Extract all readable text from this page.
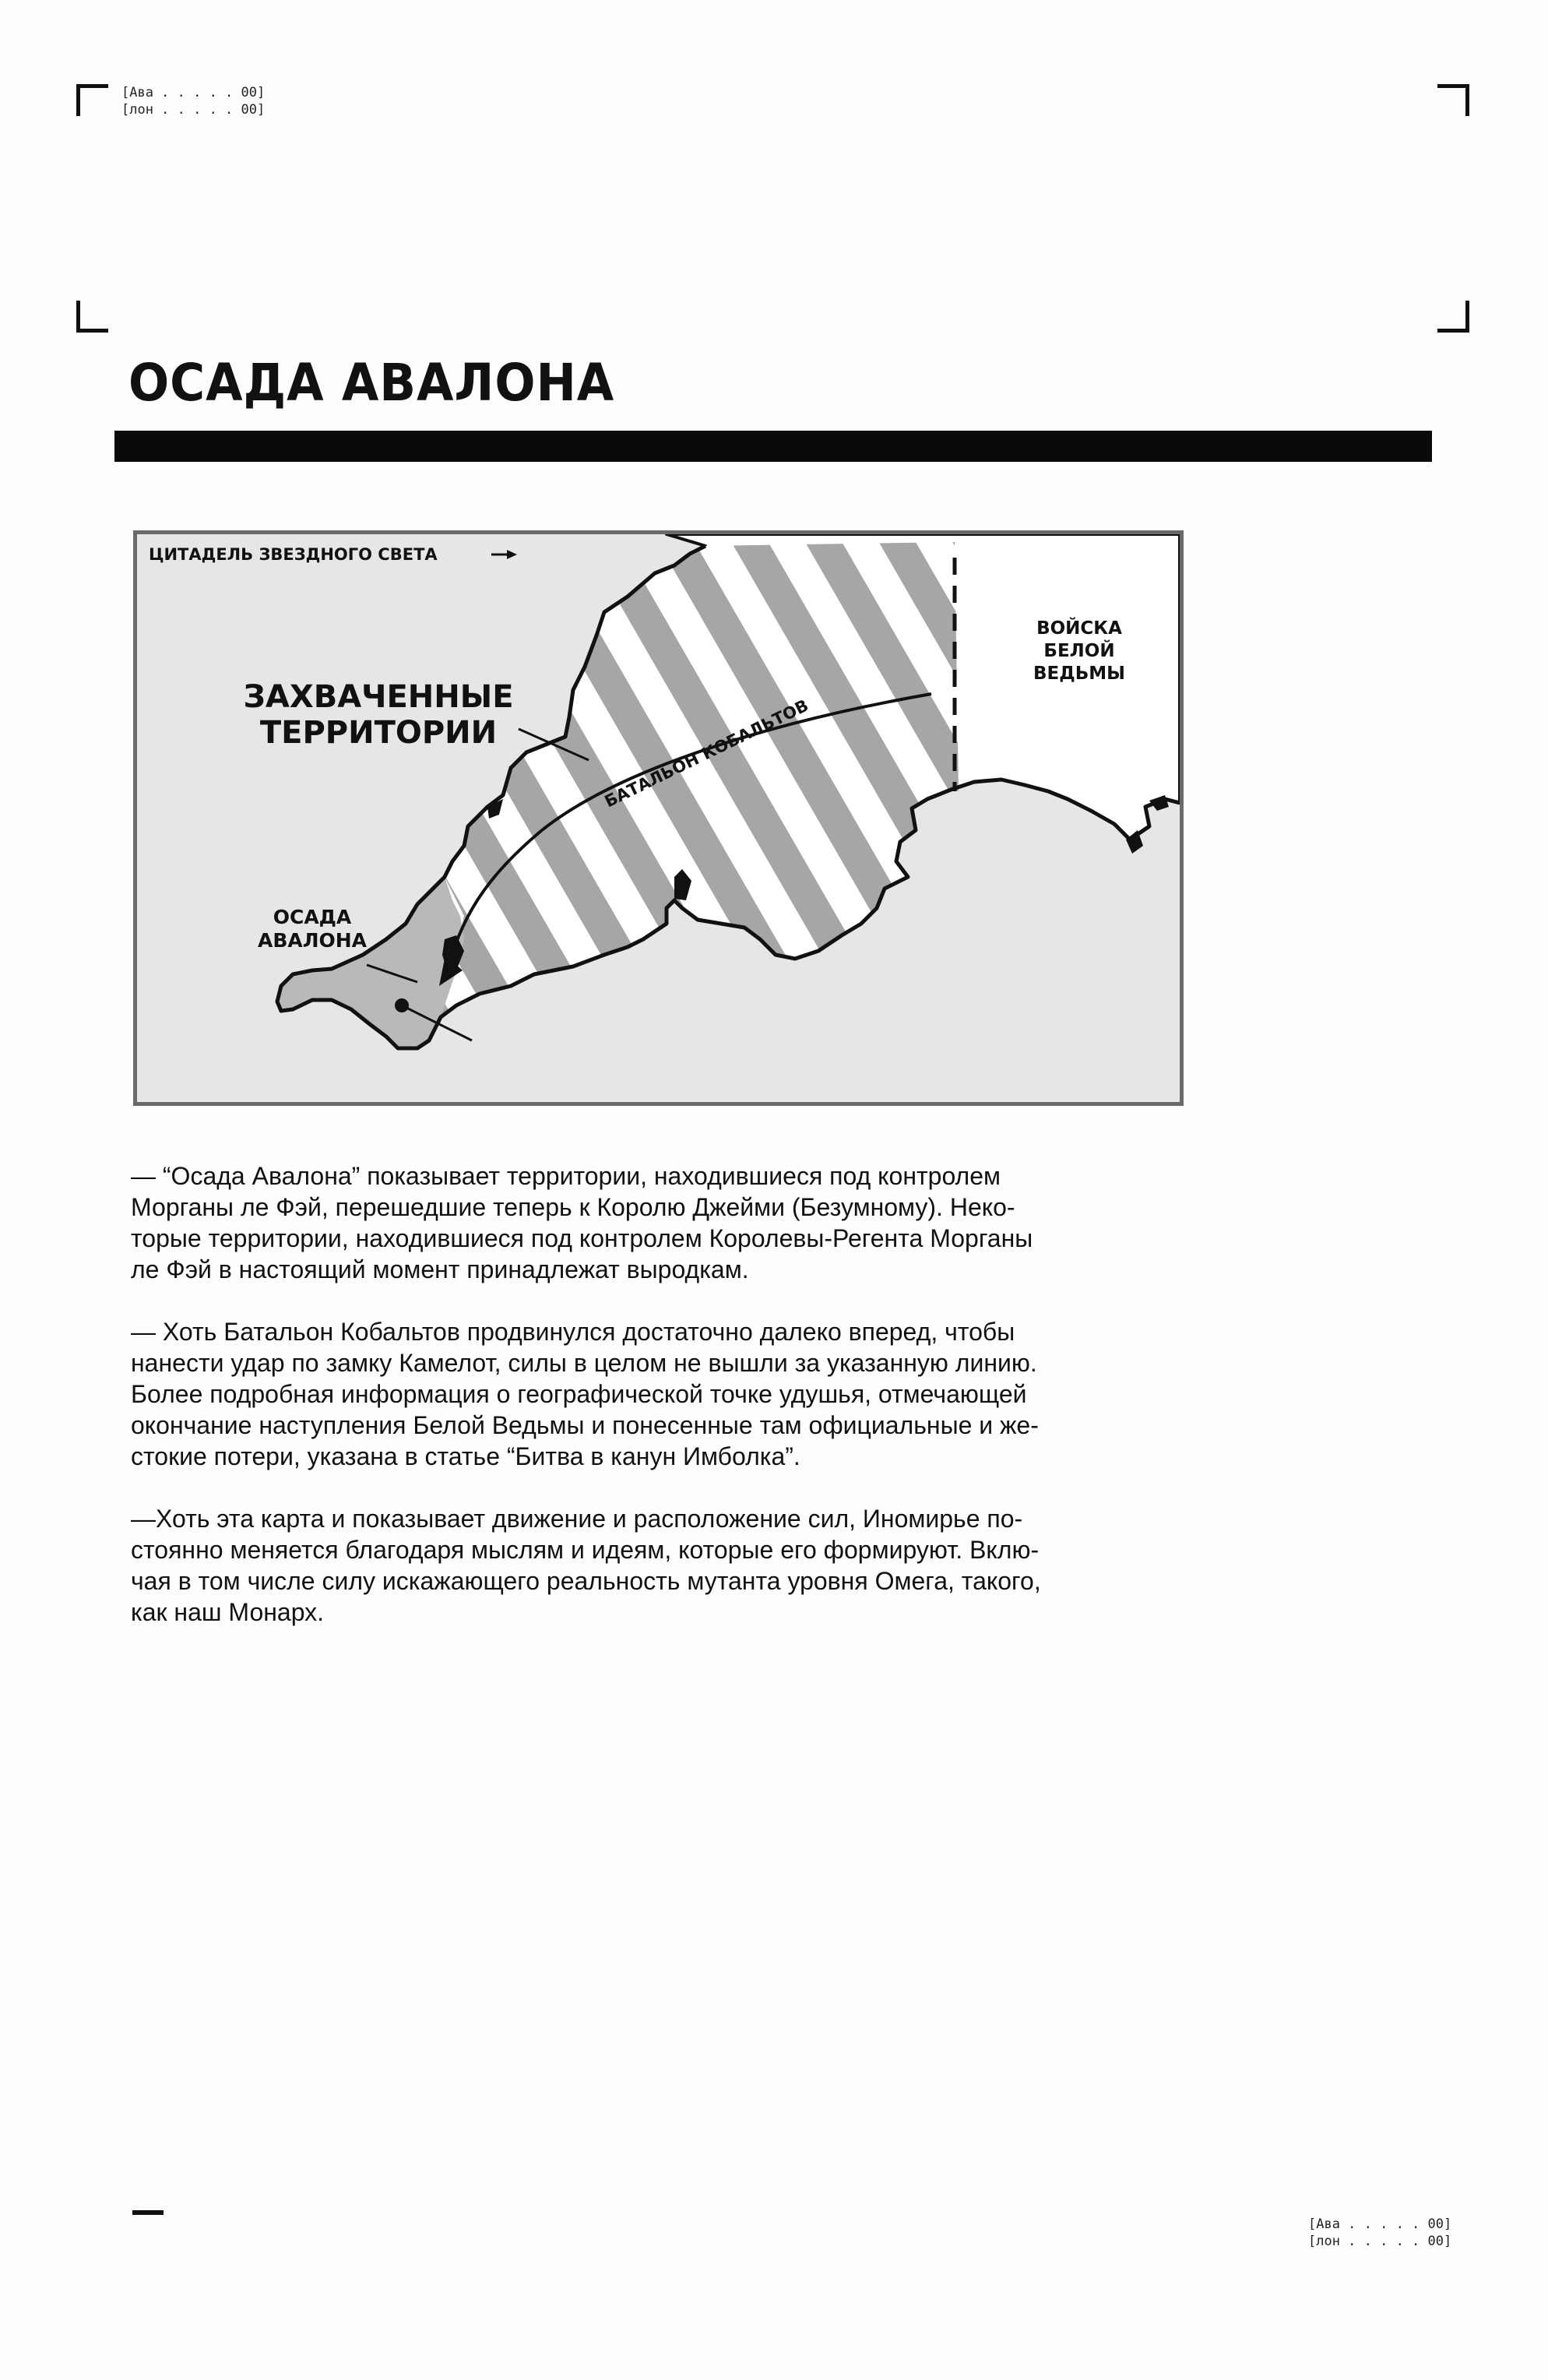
[Ава . . . . . 00]
[лон . . . . . 00]
ОСАДА АВАЛОНА
ЦИТАДЕЛЬ ЗВЕЗДНОГО СВЕТА
ЗАХВАЧЕННЫЕ
ТЕРРИТОРИИ
ВОЙСКА
БЕЛОЙ
ВЕДЬМЫ
БАТАЛЬОН КОБАЛЬТОВ
ОСАДА
АВАЛОНА

— “Осада Авалона” показывает территории, находившиеся под контролем
Морганы ле Фэй, перешедшие теперь к Королю Джейми (Безумному). Неко-
торые территории, находившиеся под контролем Королевы-Регента Морганы
ле Фэй в настоящий момент принадлежат выродкам.

— Хоть Батальон Кобальтов продвинулся достаточно далеко вперед, чтобы
нанести удар по замку Камелот, силы в целом не вышли за указанную линию.
Более подробная информация о географической точке удушья, отмечающей
окончание наступления Белой Ведьмы и понесенные там официальные и же-
стокие потери, указана в статье “Битва в канун Имболка”.

—Хоть эта карта и показывает движение и расположение сил, Иномирье по-
стоянно меняется благодаря мыслям и идеям, которые его формируют. Вклю-
чая в том числе силу искажающего реальность мутанта уровня Омега, такого,
как наш Монарх.

[Ава . . . . . 00]
[лон . . . . . 00]
